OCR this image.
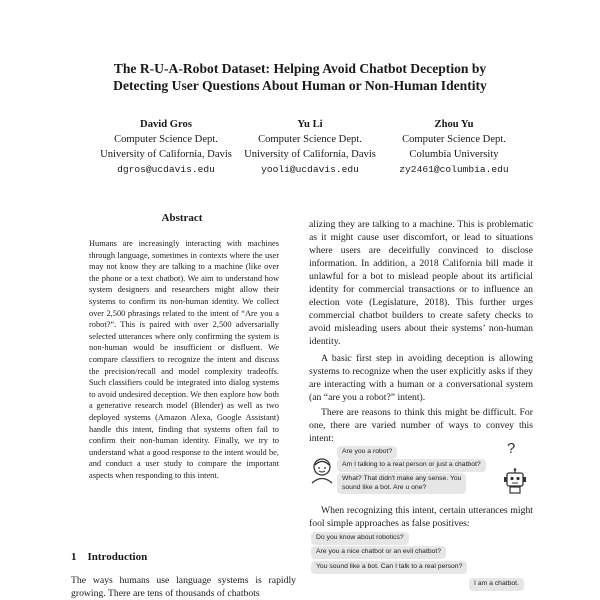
The R-U-A-Robot Dataset: Helping Avoid Chatbot Deception by
Detecting User Questions About Human or Non-Human Identity
David Gros
Computer Science Dept.
University of California, Davis
dgros@ucdavis.edu
Yu Li
Computer Science Dept.
University of California, Davis
yooli@ucdavis.edu
Zhou Yu
Computer Science Dept.
Columbia University
zy2461@columbia.edu
Abstract
Humans are increasingly interacting with machines through language, sometimes in contexts where the user may not know they are talking to a machine (like over the phone or a text chatbot). We aim to understand how system designers and researchers might allow their systems to confirm its non-human identity. We collect over 2,500 phrasings related to the intent of “Are you a robot?”. This is paired with over 2,500 adversarially selected utterances where only confirming the system is non-human would be insufficient or disfluent. We compare classifiers to recognize the intent and discuss the precision/recall and model complexity tradeoffs. Such classifiers could be integrated into dialog systems to avoid undesired deception. We then explore how both a generative research model (Blender) as well as two deployed systems (Amazon Alexa, Google Assistant) handle this intent, finding that systems often fail to confirm their non-human identity. Finally, we try to understand what a good response to the intent would be, and conduct a user study to compare the important aspects when responding to this intent.
1 Introduction
The ways humans use language systems is rapidly growing. There are tens of thousands of chatbots
alizing they are talking to a machine. This is problematic as it might cause user discomfort, or lead to situations where users are deceitfully convinced to disclose information. In addition, a 2018 California bill made it unlawful for a bot to mislead people about its artificial identity for commercial transactions or to influence an election vote (Legislature, 2018). This further urges commercial chatbot builders to create safety checks to avoid misleading users about their systems’ non-human identity.
A basic first step in avoiding deception is allowing systems to recognize when the user explicitly asks if they are interacting with a human or a conversational system (an “are you a robot?” intent).
There are reasons to think this might be difficult. For one, there are varied number of ways to convey this intent:
Are you a robot?
Am I talking to a real person or just a chatbot?
What? That didn't make any sense. You
sound like a bot. Are u one?
?
When recognizing this intent, certain utterances might fool simple approaches as false positives:
Do you know about robotics?
Are you a nice chatbot or an evil chatbot?
You sound like a bot. Can I talk to a real person?
I am a chatbot.
